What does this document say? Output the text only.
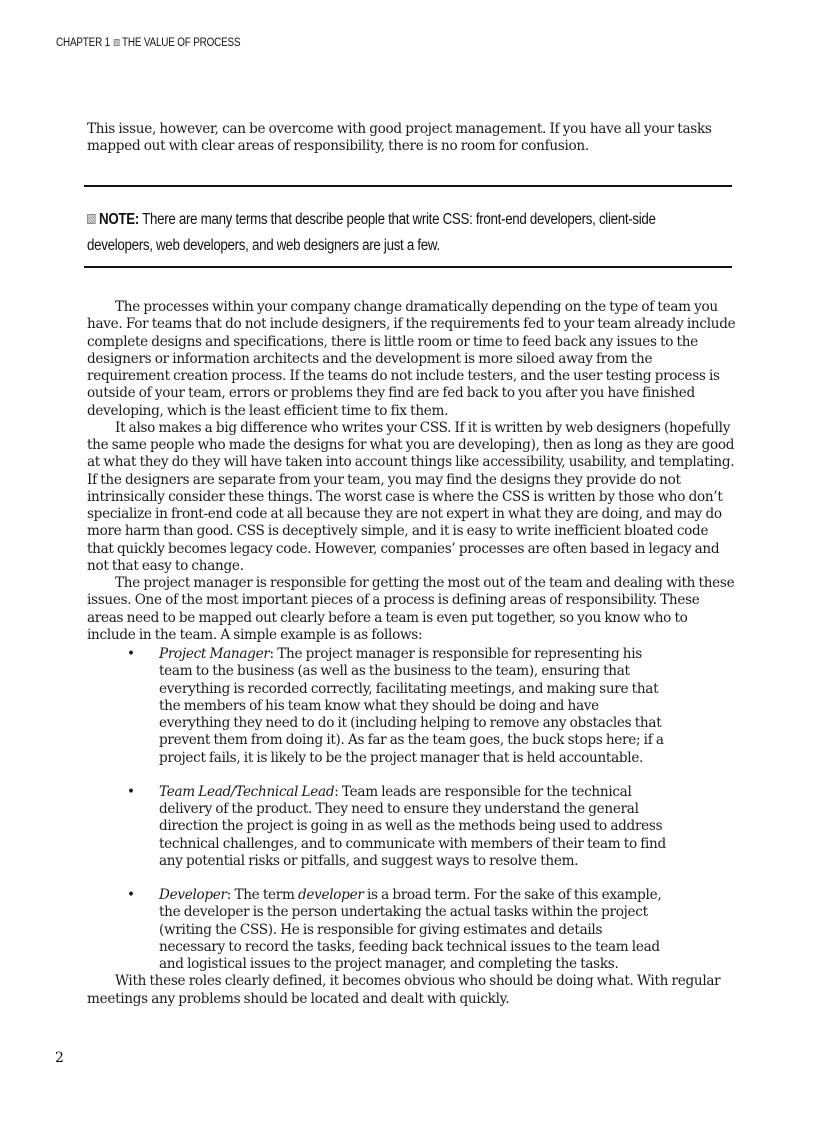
CHAPTER 1 THE VALUE OF PROCESS

This issue, however, can be overcome with good project management. If you have all your tasks mapped out with clear areas of responsibility, there is no room for confusion.

NOTE: There are many terms that describe people that write CSS: front-end developers, client-side developers, web developers, and web designers are just a few.

The processes within your company change dramatically depending on the type of team you have. For teams that do not include designers, if the requirements fed to your team already include complete designs and specifications, there is little room or time to feed back any issues to the designers or information architects and the development is more siloed away from the requirement creation process. If the teams do not include testers, and the user testing process is outside of your team, errors or problems they find are fed back to you after you have finished developing, which is the least efficient time to fix them.

It also makes a big difference who writes your CSS. If it is written by web designers (hopefully the same people who made the designs for what you are developing), then as long as they are good at what they do they will have taken into account things like accessibility, usability, and templating. If the designers are separate from your team, you may find the designs they provide do not intrinsically consider these things. The worst case is where the CSS is written by those who don’t specialize in front-end code at all because they are not expert in what they are doing, and may do more harm than good. CSS is deceptively simple, and it is easy to write inefficient bloated code that quickly becomes legacy code. However, companies’ processes are often based in legacy and not that easy to change.

The project manager is responsible for getting the most out of the team and dealing with these issues. One of the most important pieces of a process is defining areas of responsibility. These areas need to be mapped out clearly before a team is even put together, so you know who to include in the team. A simple example is as follows:

• Project Manager: The project manager is responsible for representing his team to the business (as well as the business to the team), ensuring that everything is recorded correctly, facilitating meetings, and making sure that the members of his team know what they should be doing and have everything they need to do it (including helping to remove any obstacles that prevent them from doing it). As far as the team goes, the buck stops here; if a project fails, it is likely to be the project manager that is held accountable.
• Team Lead/Technical Lead: Team leads are responsible for the technical delivery of the product. They need to ensure they understand the general direction the project is going in as well as the methods being used to address technical challenges, and to communicate with members of their team to find any potential risks or pitfalls, and suggest ways to resolve them.
• Developer: The term developer is a broad term. For the sake of this example, the developer is the person undertaking the actual tasks within the project (writing the CSS). He is responsible for giving estimates and details necessary to record the tasks, feeding back technical issues to the team lead and logistical issues to the project manager, and completing the tasks.

With these roles clearly defined, it becomes obvious who should be doing what. With regular meetings any problems should be located and dealt with quickly.

2
